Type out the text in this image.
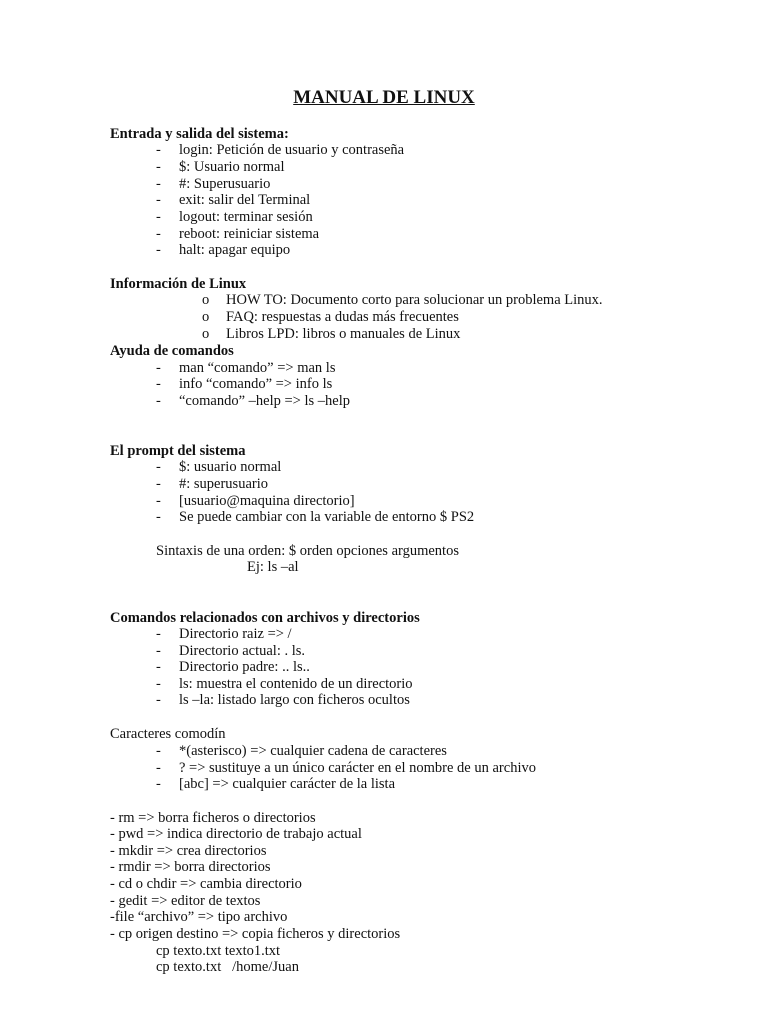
MANUAL DE LINUX
Entrada y salida del sistema:
-	login: Petición de usuario y contraseña
-	$: Usuario normal
-	#: Superusuario
-	exit: salir del Terminal
-	logout: terminar sesión
-	reboot: reiniciar sistema
-	halt: apagar equipo
Información de Linux
o HOW TO: Documento corto para solucionar un problema Linux.
o FAQ: respuestas a dudas más frecuentes
o Libros LPD: libros o manuales de Linux
Ayuda de comandos
-	man “comando” => man ls
-	info “comando” => info ls
-	“comando” –help => ls –help
El prompt del sistema
-	$: usuario normal
-	#: superusuario
-	[usuario@maquina directorio]
-	Se puede cambiar con la variable de entorno $ PS2
Sintaxis de una orden: $ orden opciones argumentos
Ej: ls –al
Comandos relacionados con archivos y directorios
-	Directorio raiz => /
-	Directorio actual: . ls.
-	Directorio padre: .. ls..
-	ls: muestra el contenido de un directorio
-	ls –la: listado largo con ficheros ocultos
Caracteres comodín
-	*(asterisco) => cualquier cadena de caracteres
-	? => sustituye a un único carácter en el nombre de un archivo
-	[abc] => cualquier carácter de la lista
- rm => borra ficheros o directorios
- pwd => indica directorio de trabajo actual
- mkdir => crea directorios
- rmdir => borra directorios
- cd o chdir => cambia directorio
- gedit => editor de textos
-file “archivo” => tipo archivo
- cp origen destino => copia ficheros y directorios
cp texto.txt texto1.txt
cp texto.txt   /home/Juan
